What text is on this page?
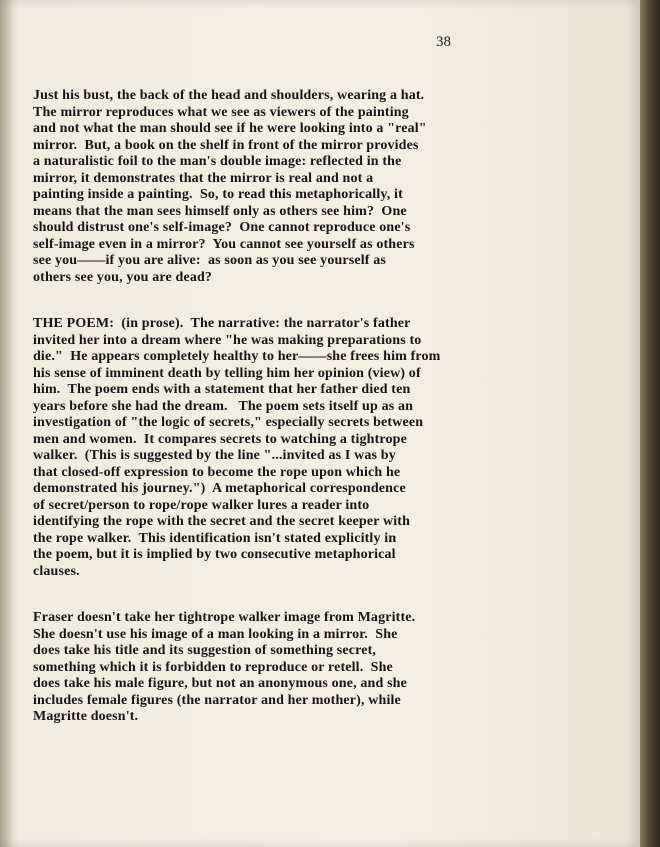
38
Just his bust, the back of the head and shoulders, wearing a hat.
The mirror reproduces what we see as viewers of the painting
and not what the man should see if he were looking into a "real"
mirror.  But, a book on the shelf in front of the mirror provides
a naturalistic foil to the man's double image: reflected in the
mirror, it demonstrates that the mirror is real and not a
painting inside a painting.  So, to read this metaphorically, it
means that the man sees himself only as others see him?  One
should distrust one's self-image?  One cannot reproduce one's
self-image even in a mirror?  You cannot see yourself as others
see you——if you are alive:  as soon as you see yourself as
others see you, you are dead?
THE POEM:  (in prose).  The narrative: the narrator's father
invited her into a dream where "he was making preparations to
die."  He appears completely healthy to her——she frees him from
his sense of imminent death by telling him her opinion (view) of
him.  The poem ends with a statement that her father died ten
years before she had the dream.   The poem sets itself up as an
investigation of "the logic of secrets," especially secrets between
men and women.  It compares secrets to watching a tightrope
walker.  (This is suggested by the line "...invited as I was by
that closed-off expression to become the rope upon which he
demonstrated his journey.")  A metaphorical correspondence
of secret/person to rope/rope walker lures a reader into
identifying the rope with the secret and the secret keeper with
the rope walker.  This identification isn't stated explicitly in
the poem, but it is implied by two consecutive metaphorical
clauses.
Fraser doesn't take her tightrope walker image from Magritte.
She doesn't use his image of a man looking in a mirror.  She
does take his title and its suggestion of something secret,
something which it is forbidden to reproduce or retell.  She
does take his male figure, but not an anonymous one, and she
includes female figures (the narrator and her mother), while
Magritte doesn't.
